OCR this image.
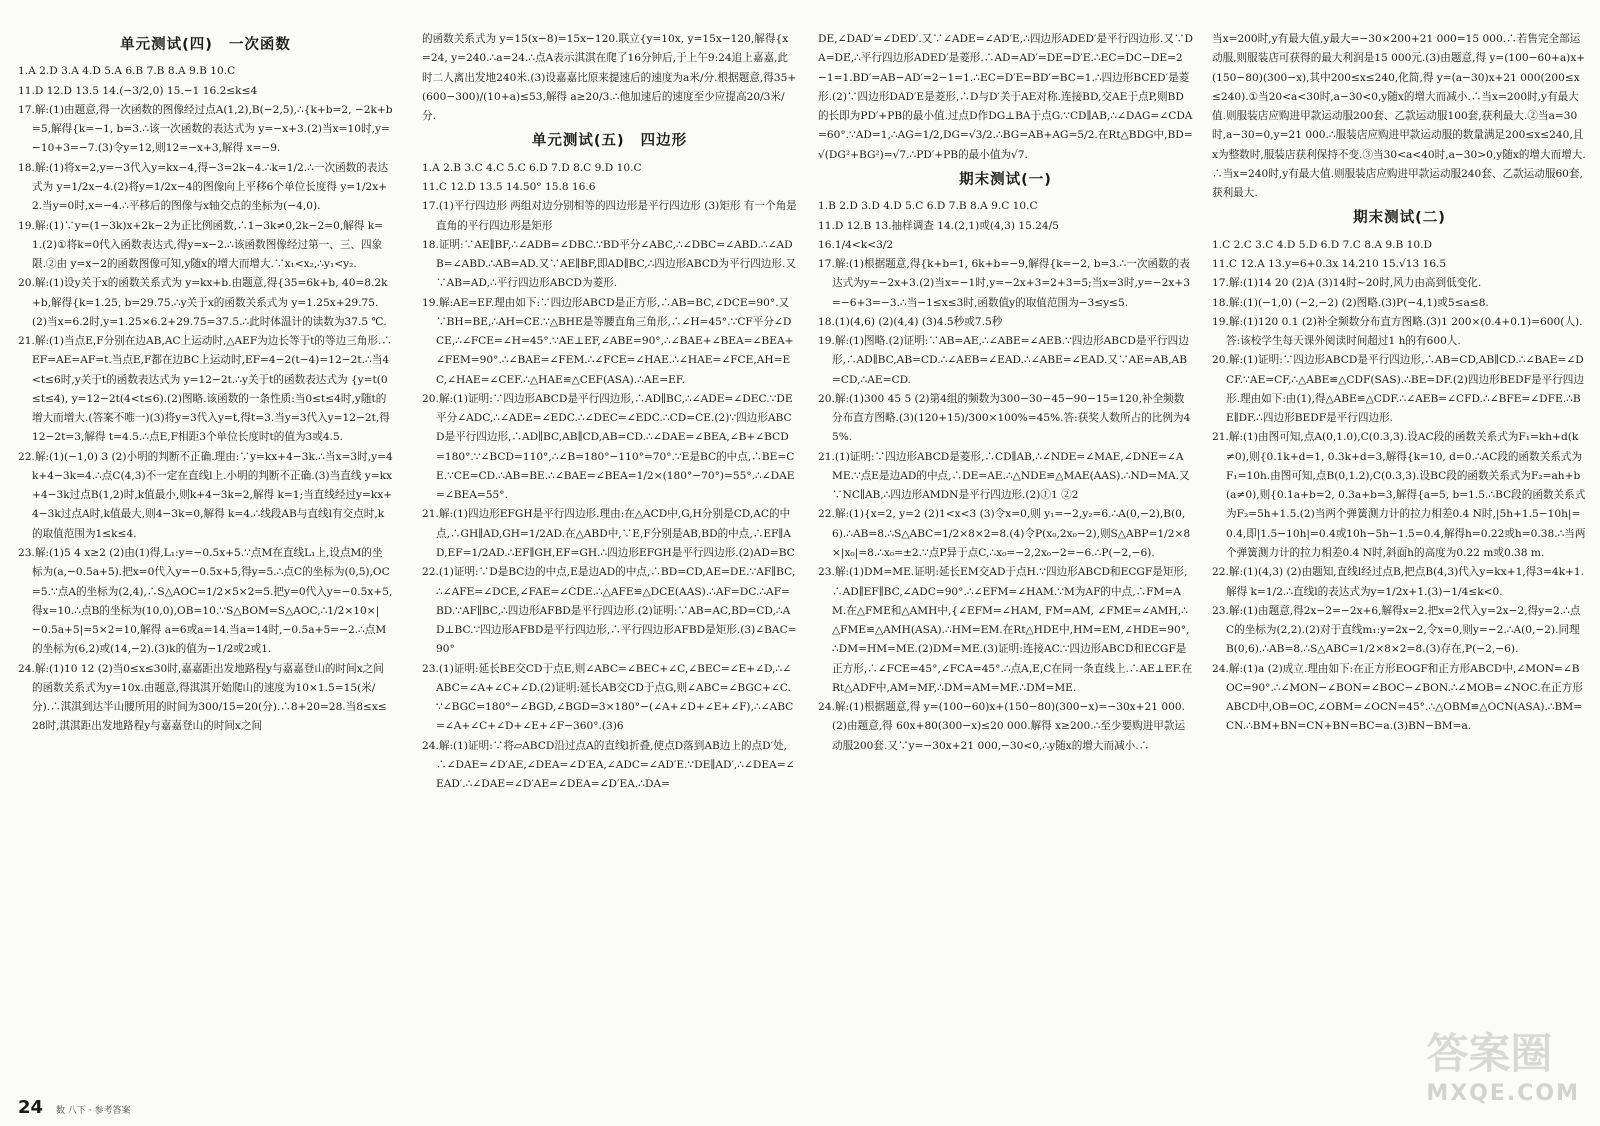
单元测试(四) 一次函数

1.A 2.D 3.A 4.D 5.A 6.B 7.B 8.A 9.B 10.C

11.D 12.D 13.5 14.(−3/2,0) 15.−1 16.2≤k≤4

17.解:(1)由题意,得一次函数的图像经过点A(1,2),B(−2,5),∴{k+b=2, −2k+b=5,解得{k=−1, b=3.∴该一次函数的表达式为 y=−x+3.(2)当x=10时,y=−10+3=−7.(3)令y=12,则12=−x+3,解得 x=−9.

18.解:(1)将x=2,y=−3代入y=kx−4,得−3=2k−4.∴k=1/2.∴一次函数的表达式为 y=1/2x−4.(2)将y=1/2x−4的图像向上平移6个单位长度得 y=1/2x+2.当y=0时,x=−4.∴平移后的图像与x轴交点的坐标为(−4,0).

19.解:(1)∵y=(1−3k)x+2k−2为正比例函数,∴1−3k≠0,2k−2=0,解得 k=1.(2)①将k=0代入函数表达式,得y=x−2.∴该函数图像经过第一、三、四象限.②由 y=x−2的函数图像可知,y随x的增大而增大.∵x₁<x₂,∴y₁<y₂.

20.解:(1)设y关于x的函数关系式为 y=kx+b.由题意,得{35=6k+b, 40=8.2k+b,解得{k=1.25, b=29.75.∴y关于x的函数关系式为 y=1.25x+29.75.(2)当x=6.2时,y=1.25×6.2+29.75=37.5.∴此时体温计的读数为37.5 ℃.

21.解:(1)当点E,F分别在边AB,AC上运动时,△AEF为边长等于t的等边三角形.∴EF=AE=AF=t.当点E,F都在边BC上运动时,EF=4−2(t−4)=12−2t.∴当4<t≤6时,y关于t的函数表达式为 y=12−2t.∴y关于t的函数表达式为 {y=t(0≤t≤4), y=12−2t(4<t≤6).(2)图略.该函数的一条性质:当0≤t≤4时,y随t的增大而增大.(答案不唯一)(3)将y=3代入y=t,得t=3.当y=3代入y=12−2t,得12−2t=3,解得 t=4.5.∴点E,F相距3个单位长度时t的值为3或4.5.

22.解:(1)(−1,0) 3 (2)小明的判断不正确.理由:∵y=kx+4−3k.∴当x=3时,y=4k+4−3k=4.∴点C(4,3)不一定在直线l上.小明的判断不正确.(3)当直线 y=kx+4−3k过点B(1,2)时,k值最小,则k+4−3k=2,解得 k=1;当直线经过y=kx+4−3k过点A时,k值最大,则4−3k=0,解得 k=4.∴线段AB与直线l有交点时,k的取值范围为1≤k≤4.

23.解:(1)5 4 x≥2 (2)由(1)得,L₁:y=−0.5x+5.∵点M在直线L₁上,设点M的坐标为(a,−0.5a+5).把x=0代入y=−0.5x+5,得y=5.∴点C的坐标为(0,5),OC=5.∵点A的坐标为(2,4),∴S△AOC=1/2×5×2=5.把y=0代入y=−0.5x+5,得x=10.∴点B的坐标为(10,0),OB=10.∵S△BOM=S△AOC,∴1/2×10×|−0.5a+5|=5×2=10,解得 a=6或a=14.当a=14时,−0.5a+5=−2.∴点M的坐标为(6,2)或(14,−2).(3)k的值为−1/2或2或1.

24.解:(1)10 12 (2)当0≤x≤30时,嘉嘉距出发地路程y与嘉嘉登山的时间x之间的函数关系式为y=10x.由题意,得淇淇开始爬山的速度为10×1.5=15(米/分).∴淇淇到达半山腰所用的时间为300/15=20(分).∴8+20=28.当8≤x≤28时,淇淇距出发地路程y与嘉嘉登山的时间x之间

的函数关系式为 y=15(x−8)=15x−120.联立{y=10x, y=15x−120,解得{x=24, y=240.∴a=24.∴点A表示淇淇在爬了16分钟后,于上午9:24追上嘉嘉,此时二人离出发地240米.(3)设嘉嘉比原来提速后的速度为a米/分.根据题意,得35+(600−300)/(10+a)≤53,解得 a≥20/3.∴他加速后的速度至少应提高20/3米/分.

单元测试(五) 四边形

1.A 2.B 3.C 4.C 5.C 6.D 7.D 8.C 9.D 10.C

11.C 12.D 13.5 14.50° 15.8 16.6

17.(1)平行四边形 两组对边分别相等的四边形是平行四边形 (3)矩形 有一个角是直角的平行四边形是矩形

18.证明:∵AE∥BF,∴∠ADB=∠DBC.∵BD平分∠ABC,∴∠DBC=∠ABD.∴∠ADB=∠ABD.∴AB=AD.又∵AE∥BF,即AD∥BC,∴四边形ABCD为平行四边形.又∵AB=AD,∴平行四边形ABCD为菱形.

19.解:AE=EF.理由如下:∵四边形ABCD是正方形,∴AB=BC,∠DCE=90°.又∵BH=BE,∴AH=CE.∵△BHE是等腰直角三角形,∴∠H=45°.∵CF平分∠DCE,∴∠FCE=∠H=45°.∵AE⊥EF,∠ABE=90°,∴∠BAE+∠BEA=∠BEA+∠FEM=90°.∴∠BAE=∠FEM.∴∠FCE=∠HAE.∴∠HAE=∠FCE,AH=EC,∠HAE=∠CEF.∴△HAE≌△CEF(ASA).∴AE=EF.

20.解:(1)证明:∵四边形ABCD是平行四边形,∴AD∥BC,∴∠ADE=∠DEC.∵DE平分∠ADC,∴∠ADE=∠EDC.∴∠DEC=∠EDC.∴CD=CE.(2)∵四边形ABCD是平行四边形,∴AD∥BC,AB∥CD,AB=CD.∴∠DAE=∠BEA,∠B+∠BCD=180°.∵∠BCD=110°,∴∠B=180°−110°=70°.∵E是BC的中点,∴BE=CE.∵CE=CD.∴AB=BE.∴∠BAE=∠BEA=1/2×(180°−70°)=55°.∴∠DAE=∠BEA=55°.

21.解:(1)四边形EFGH是平行四边形.理由:在△ACD中,G,H分别是CD,AC的中点,∴GH∥AD,GH=1/2AD.在△ABD中,∵E,F分别是AB,BD的中点,∴EF∥AD,EF=1/2AD.∴EF∥GH,EF=GH.∴四边形EFGH是平行四边形.(2)AD=BC

22.(1)证明:∵D是BC边的中点,E是边AD的中点,∴BD=CD,AE=DE.∵AF∥BC,∴∠AFE=∠DCE,∠FAE=∠CDE.∴△AFE≌△DCE(AAS).∴AF=DC.∴AF=BD.∵AF∥BC,∴四边形AFBD是平行四边形.(2)证明:∵AB=AC,BD=CD,∴AD⊥BC.∵四边形AFBD是平行四边形,∴平行四边形AFBD是矩形.(3)∠BAC=90°

23.(1)证明:延长BE交CD于点E,则∠ABC=∠BEC+∠C,∠BEC=∠E+∠D,∴∠ABC=∠A+∠C+∠D.(2)证明:延长AB交CD于点G,则∠ABC=∠BGC+∠C.∵∠BGC=180°−∠BGD,∠BGD=3×180°−(∠A+∠D+∠E+∠F),∴∠ABC=∠A+∠C+∠D+∠E+∠F−360°.(3)6

24.解:(1)证明:∵将▱ABCD沿过点A的直线l折叠,使点D落到AB边上的点D′处,∴∠DAE=∠D′AE,∠DEA=∠D′EA,∠ADC=∠AD′E.∵DE∥AD′,∴∠DEA=∠EAD′.∴∠DAE=∠D′AE=∠DEA=∠D′EA.∴DA=

DE,∠DAD′=∠DED′.又∵∠ADE=∠AD′E,∴四边形ADED′是平行四边形.又∵DA=DE,∴平行四边形ADED′是菱形.∴AD=AD′=DE=D′E.∴EC=DC−DE=2−1=1.BD′=AB−AD′=2−1=1.∴EC=D′E=BD′=BC=1.∴四边形BCED′是菱形.(2)∵四边形DAD′E是菱形,∴D与D′关于AE对称.连接BD,交AE于点P,则BD的长即为PD′+PB的最小值.过点D作DG⊥BA于点G.∵CD∥AB,∴∠DAG=∠CDA=60°.∵AD=1,∴AG=1/2,DG=√3/2.∴BG=AB+AG=5/2.在Rt△BDG中,BD=√(DG²+BG²)=√7.∴PD′+PB的最小值为√7.

期末测试(一)

1.B 2.D 3.D 4.D 5.C 6.D 7.B 8.A 9.C 10.C

11.D 12.B 13.抽样调查 14.(2,1)或(4,3) 15.24/5

16.1/4<k<3/2

17.解:(1)根据题意,得{k+b=1, 6k+b=−9,解得{k=−2, b=3.∴一次函数的表达式为y=−2x+3.(2)当x=−1时,y=−2x+3=2+3=5;当x=3时,y=−2x+3=−6+3=−3.∴当−1≤x≤3时,函数值y的取值范围为−3≤y≤5.

18.(1)(4,6) (2)(4,4) (3)4.5秒或7.5秒

19.解:(1)图略.(2)证明:∵AB=AE,∴∠ABE=∠AEB.∵四边形ABCD是平行四边形,∴AD∥BC,AB=CD.∴∠AEB=∠EAD.∴∠ABE=∠EAD.又∵AE=AB,AB=CD,∴AE=CD.

20.解:(1)300 45 5 (2)第4组的频数为300−30−45−90−15=120,补全频数分布直方图略.(3)(120+15)/300×100%=45%.答:获奖人数所占的比例为45%.

21.(1)证明:∵四边形ABCD是菱形,∴CD∥AB,∴∠NDE=∠MAE,∠DNE=∠AME.∵点E是边AD的中点,∴DE=AE.∴△NDE≌△MAE(AAS).∴ND=MA.又∵NC∥AB,∴四边形AMDN是平行四边形.(2)①1 ②2

22.解:(1){x=2, y=2 (2)1<x<3 (3)令x=0,则 y₁=−2,y₂=6.∴A(0,−2),B(0,6).∴AB=8.∴S△ABC=1/2×8×2=8.(4)令P(x₀,2x₀−2),则S△ABP=1/2×8×|x₀|=8.∴x₀=±2.∵点P异于点C,∴x₀=−2,2x₀−2=−6.∴P(−2,−6).

23.解:(1)DM=ME.证明:延长EM交AD于点H.∵四边形ABCD和ECGF是矩形,∴AD∥EF∥BC,∠ADC=90°.∴∠EFM=∠HAM.∵M为AF的中点,∴FM=AM.在△FME和△AMH中,{∠EFM=∠HAM, FM=AM, ∠FME=∠AMH,∴△FME≌△AMH(ASA).∴HM=EM.在Rt△HDE中,HM=EM,∠HDE=90°,∴DM=HM=ME.(2)DM=ME.(3)证明:连接AC.∵四边形ABCD和ECGF是正方形,∴∠FCE=45°,∠FCA=45°.∴点A,E,C在同一条直线上.∴AE⊥EF.在Rt△ADF中,AM=MF,∴DM=AM=MF.∴DM=ME.

24.解:(1)根据题意,得 y=(100−60)x+(150−80)(300−x)=−30x+21 000.(2)由题意,得 60x+80(300−x)≤20 000.解得 x≥200.∴至少要购进甲款运动服200套.又∵y=−30x+21 000,−30<0,∴y随x的增大而减小.∴

当x=200时,y有最大值,y最大=−30×200+21 000=15 000.∴若售完全部运动服,则服装店可获得的最大利润是15 000元.(3)由题意,得 y=(100−60+a)x+(150−80)(300−x),其中200≤x≤240,化简,得 y=(a−30)x+21 000(200≤x≤240).①当20<a<30时,a−30<0,y随x的增大而减小.∴当x=200时,y有最大值.则服装店应购进甲款运动服200套、乙款运动服100套,获利最大.②当a=30时,a−30=0,y=21 000.∴服装店应购进甲款运动服的数量满足200≤x≤240,且x为整数时,服装店获利保持不变.③当30<a<40时,a−30>0,y随x的增大而增大.∴当x=240时,y有最大值.则服装店应购进甲款运动服240套、乙款运动服60套,获利最大.

期末测试(二)

1.C 2.C 3.C 4.D 5.D 6.D 7.C 8.A 9.B 10.D

11.C 12.A 13.y=6+0.3x 14.210 15.√13 16.5

17.解:(1)14 20 (2)A (3)14时~20时,风力由高到低变化.

18.解:(1)(−1,0) (−2,−2) (2)图略.(3)P(−4,1)或5≤a≤8.

19.解:(1)120 0.1 (2)补全频数分布直方图略.(3)1 200×(0.4+0.1)=600(人).答:该校学生每天课外阅读时间超过1 h的有600人.

20.解:(1)证明:∵四边形ABCD是平行四边形,∴AB=CD,AB∥CD.∴∠BAE=∠DCF.∵AE=CF,∴△ABE≌△CDF(SAS).∴BE=DF.(2)四边形BEDF是平行四边形.理由如下:由(1),得△ABE≌△CDF.∴∠AEB=∠CFD.∴∠BFE=∠DFE.∴BE∥DF.∴四边形BEDF是平行四边形.

21.解:(1)由图可知,点A(0,1.0),C(0.3,3).设AC段的函数关系式为F₁=kh+d(k≠0),则{0.1k+d=1, 0.3k+d=3,解得{k=10, d=0.∴AC段的函数关系式为F₁=10h.由图可知,点B(0,1.2),C(0.3,3).设BC段的函数关系式为F₂=ah+b(a≠0),则{0.1a+b=2, 0.3a+b=3,解得{a=5, b=1.5.∴BC段的函数关系式为F₂=5h+1.5.(2)当两个弹簧测力计的拉力相差0.4 N时,|5h+1.5−10h|=0.4,即|1.5−10h|=0.4或10h−5h−1.5=0.4,解得h=0.22或h=0.38.∴当两个弹簧测力计的拉力相差0.4 N时,斜面h的高度为0.22 m或0.38 m.

22.解:(1)(4,3) (2)由题知,直线l经过点B,把点B(4,3)代入y=kx+1,得3=4k+1.解得 k=1/2.∴直线l的表达式为y=1/2x+1.(3)−1/4≤k<0.

23.解:(1)由题意,得2x−2=−2x+6,解得x=2.把x=2代入y=2x−2,得y=2.∴点C的坐标为(2,2).(2)对于直线m₁:y=2x−2,令x=0,则y=−2.∴A(0,−2).同理B(0,6).∴AB=8.∴S△ABC=1/2×8×2=8.(3)存在,P(−2,−6).

24.解:(1)a (2)成立.理由如下:在正方形EOGF和正方形ABCD中,∠MON=∠BOC=90°.∴∠MON−∠BON=∠BOC−∠BON.∴∠MOB=∠NOC.在正方形ABCD中,OB=OC,∠OBM=∠OCN=45°.∴△OBM≌△OCN(ASA).∴BM=CN.∴BM+BN=CN+BN=BC=a.(3)BN−BM=a.

24 数 八下 · 参考答案
答案圈
MXQE.COM
